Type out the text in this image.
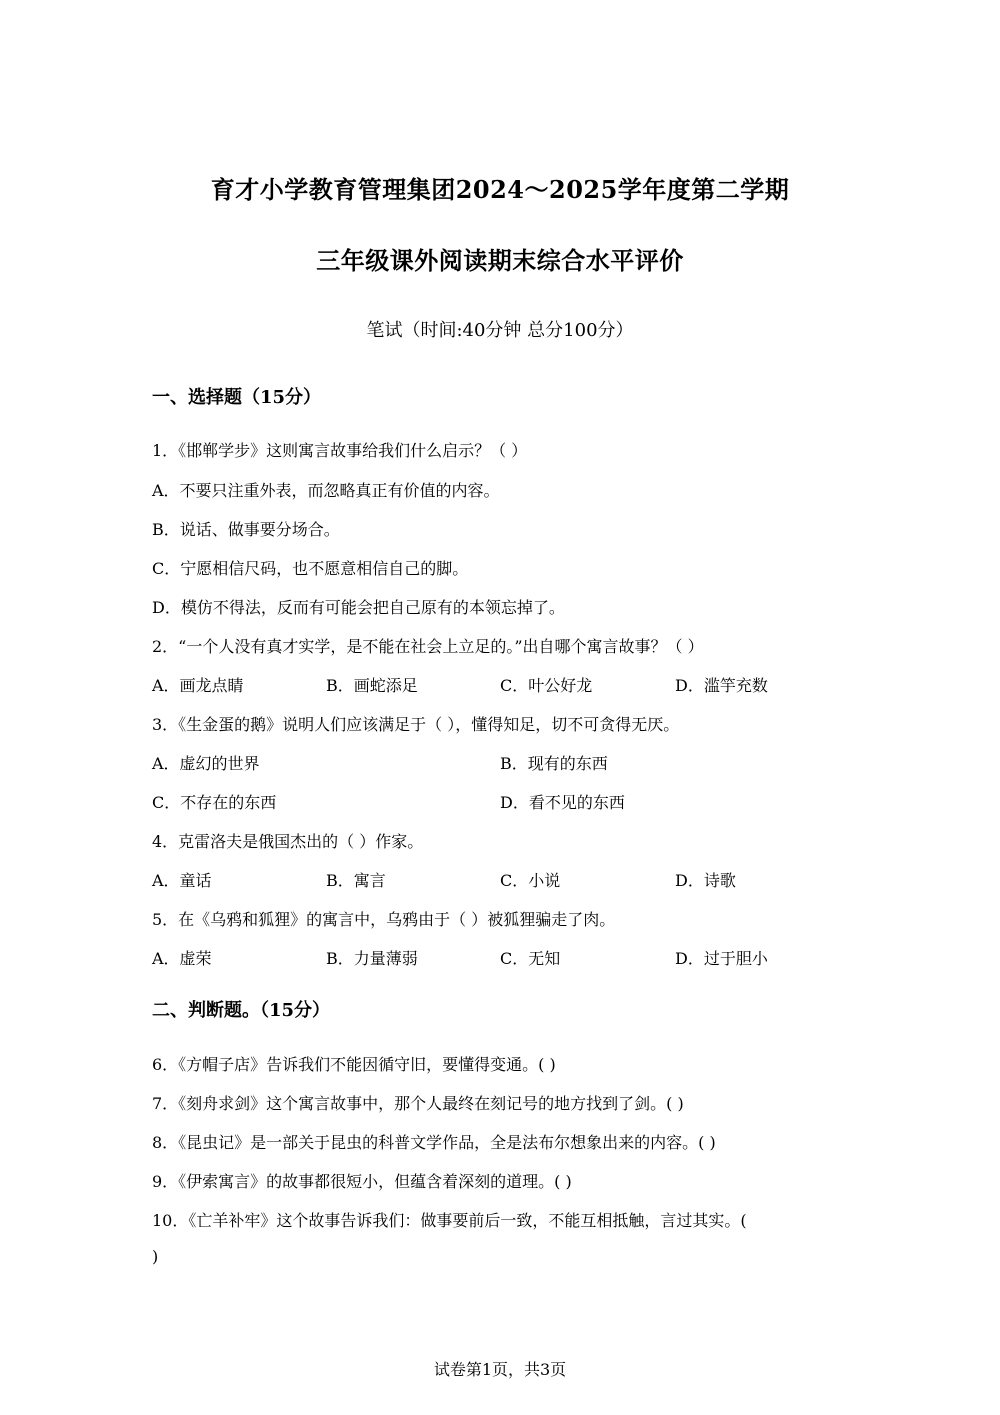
育才小学教育管理集团2024～2025学年度第二学期
三年级课外阅读期末综合水平评价
笔试（时间:40分钟 总分100分）
一、选择题（15分）
1．《邯郸学步》这则寓言故事给我们什么启示？（ ）
A．不要只注重外表，而忽略真正有价值的内容。
B．说话、做事要分场合。
C．宁愿相信尺码，也不愿意相信自己的脚。
D．模仿不得法，反而有可能会把自己原有的本领忘掉了。
2．“一个人没有真才实学，是不能在社会上立足的。”出自哪个寓言故事？（ ）
A．画龙点睛	B．画蛇添足	C．叶公好龙	D．滥竽充数
3．《生金蛋的鹅》说明人们应该满足于（ ），懂得知足，切不可贪得无厌。
A．虚幻的世界	B．现有的东西
C．不存在的东西	D．看不见的东西
4．克雷洛夫是俄国杰出的（ ）作家。
A．童话	B．寓言	C．小说	D．诗歌
5．在《乌鸦和狐狸》的寓言中，乌鸦由于（ ）被狐狸骗走了肉。
A．虚荣	B．力量薄弱	C．无知	D．过于胆小
二、判断题。（15分）
6．《方帽子店》告诉我们不能因循守旧，要懂得变通。( )
7．《刻舟求剑》这个寓言故事中，那个人最终在刻记号的地方找到了剑。( )
8．《昆虫记》是一部关于昆虫的科普文学作品，全是法布尔想象出来的内容。( )
9．《伊索寓言》的故事都很短小，但蕴含着深刻的道理。( )
10．《亡羊补牢》这个故事告诉我们：做事要前后一致，不能互相抵触，言过其实。(
)
试卷第1页，共3页
